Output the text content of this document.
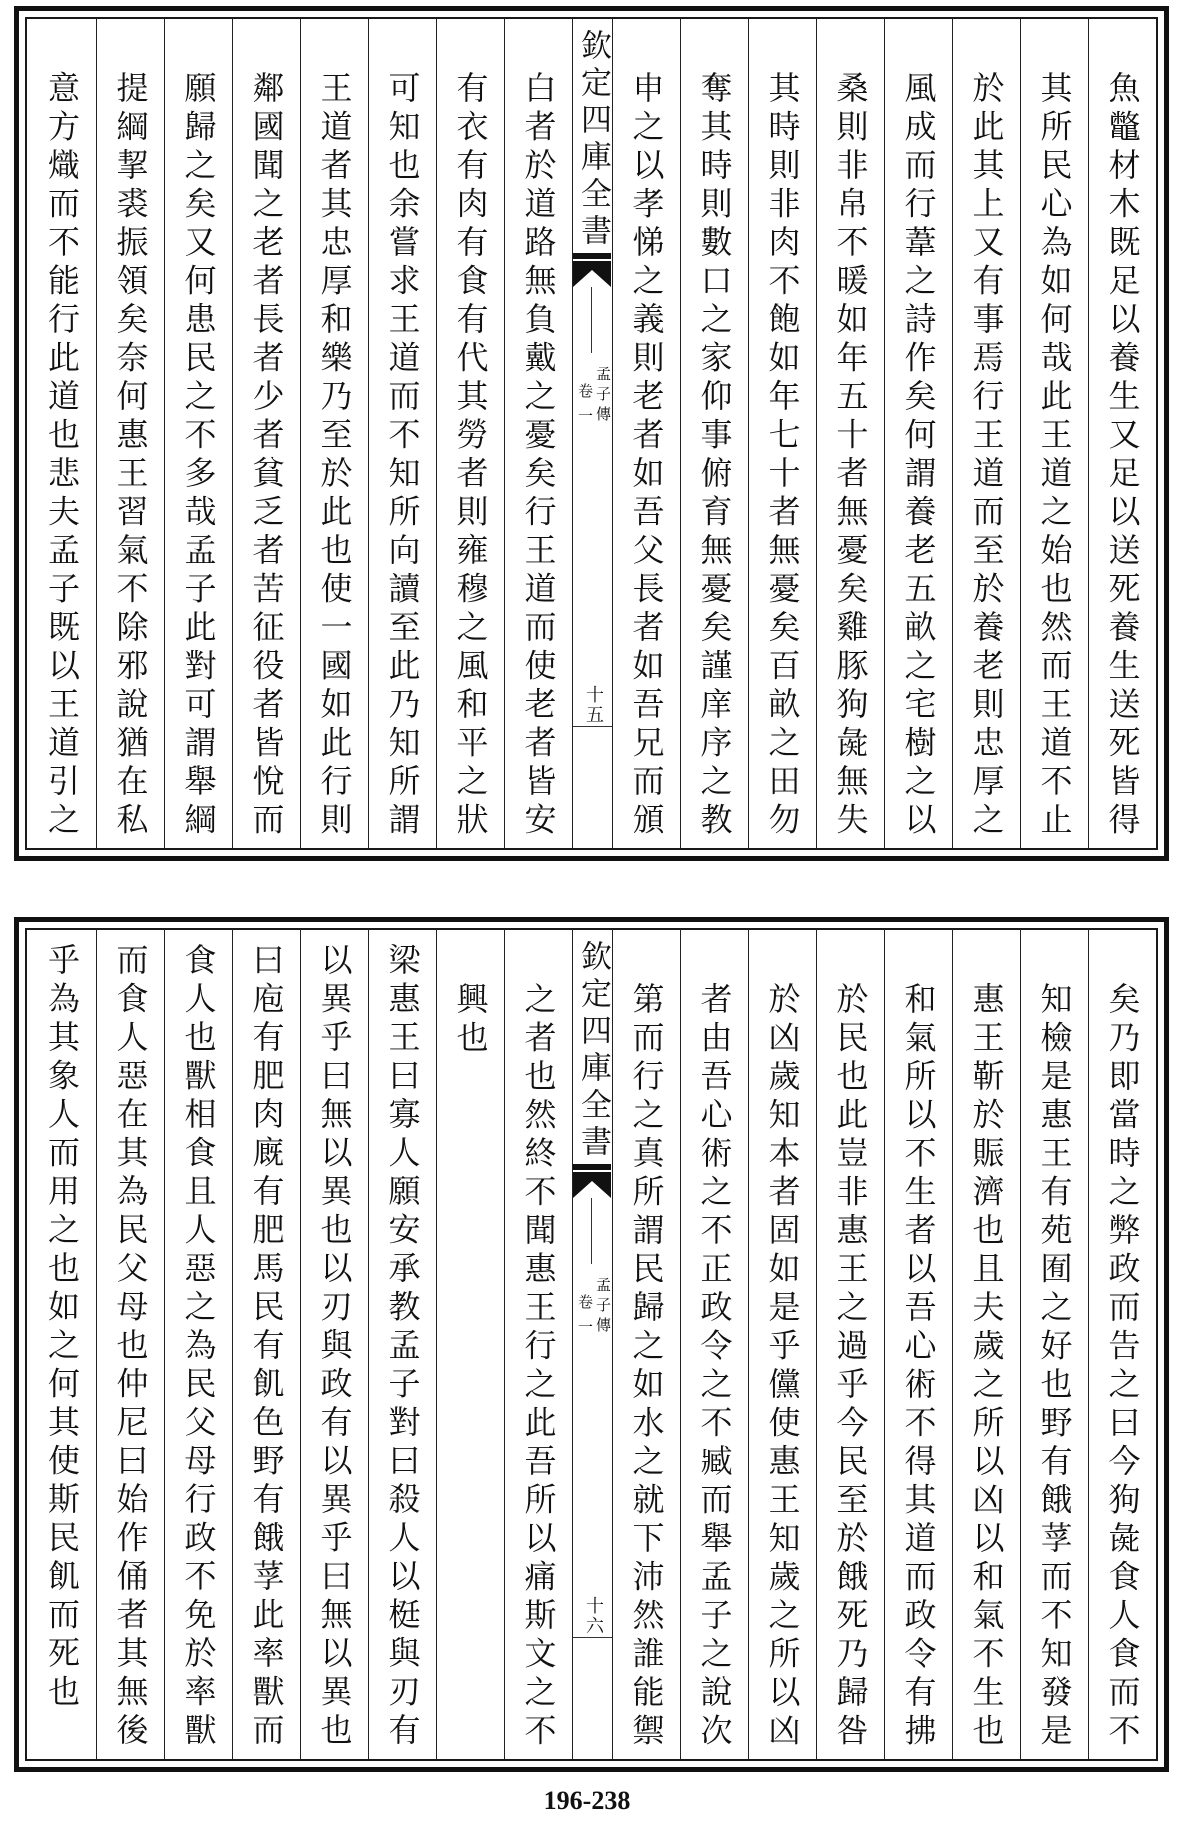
魚鼈材木既足以養生又足以送死養生送死皆得
其所民心為如何哉此王道之始也然而王道不止
於此其上又有事焉行王道而至於養老則忠厚之
風成而行葦之詩作矣何謂養老五畝之宅樹之以
桑則非帛不暖如年五十者無憂矣雞豚狗彘無失
其時則非肉不飽如年七十者無憂矣百畝之田勿
奪其時則數口之家仰事俯育無憂矣謹庠序之教
申之以孝悌之義則老者如吾父長者如吾兄而頒
欽定四庫全書
孟子傳
卷一
十五
白者於道路無負戴之憂矣行王道而使老者皆安
有衣有肉有食有代其勞者則雍穆之風和平之狀
可知也余嘗求王道而不知所向讀至此乃知所謂
王道者其忠厚和樂乃至於此也使一國如此行則
鄰國聞之老者長者少者貧乏者苦征役者皆悅而
願歸之矣又何患民之不多哉孟子此對可謂舉綱
提綱挈裘振領矣奈何惠王習氣不除邪說猶在私
意方熾而不能行此道也悲夫孟子既以王道引之
矣乃即當時之弊政而告之曰今狗彘食人食而不
知檢是惠王有苑囿之好也野有餓莩而不知發是
惠王靳於賑濟也且夫歲之所以凶以和氣不生也
和氣所以不生者以吾心術不得其道而政令有拂
於民也此豈非惠王之過乎今民至於餓死乃歸咎
於凶歲知本者固如是乎儻使惠王知歲之所以凶
者由吾心術之不正政令之不臧而舉孟子之說次
第而行之真所謂民歸之如水之就下沛然誰能禦
欽定四庫全書
孟子傳
卷一
十六
之者也然終不聞惠王行之此吾所以痛斯文之不
興也
梁惠王曰寡人願安承教孟子對曰殺人以梃與刃有
以異乎曰無以異也以刃與政有以異乎曰無以異也
曰庖有肥肉廐有肥馬民有飢色野有餓莩此率獸而
食人也獸相食且人惡之為民父母行政不免於率獸
而食人惡在其為民父母也仲尼曰始作俑者其無後
乎為其象人而用之也如之何其使斯民飢而死也
196-238
